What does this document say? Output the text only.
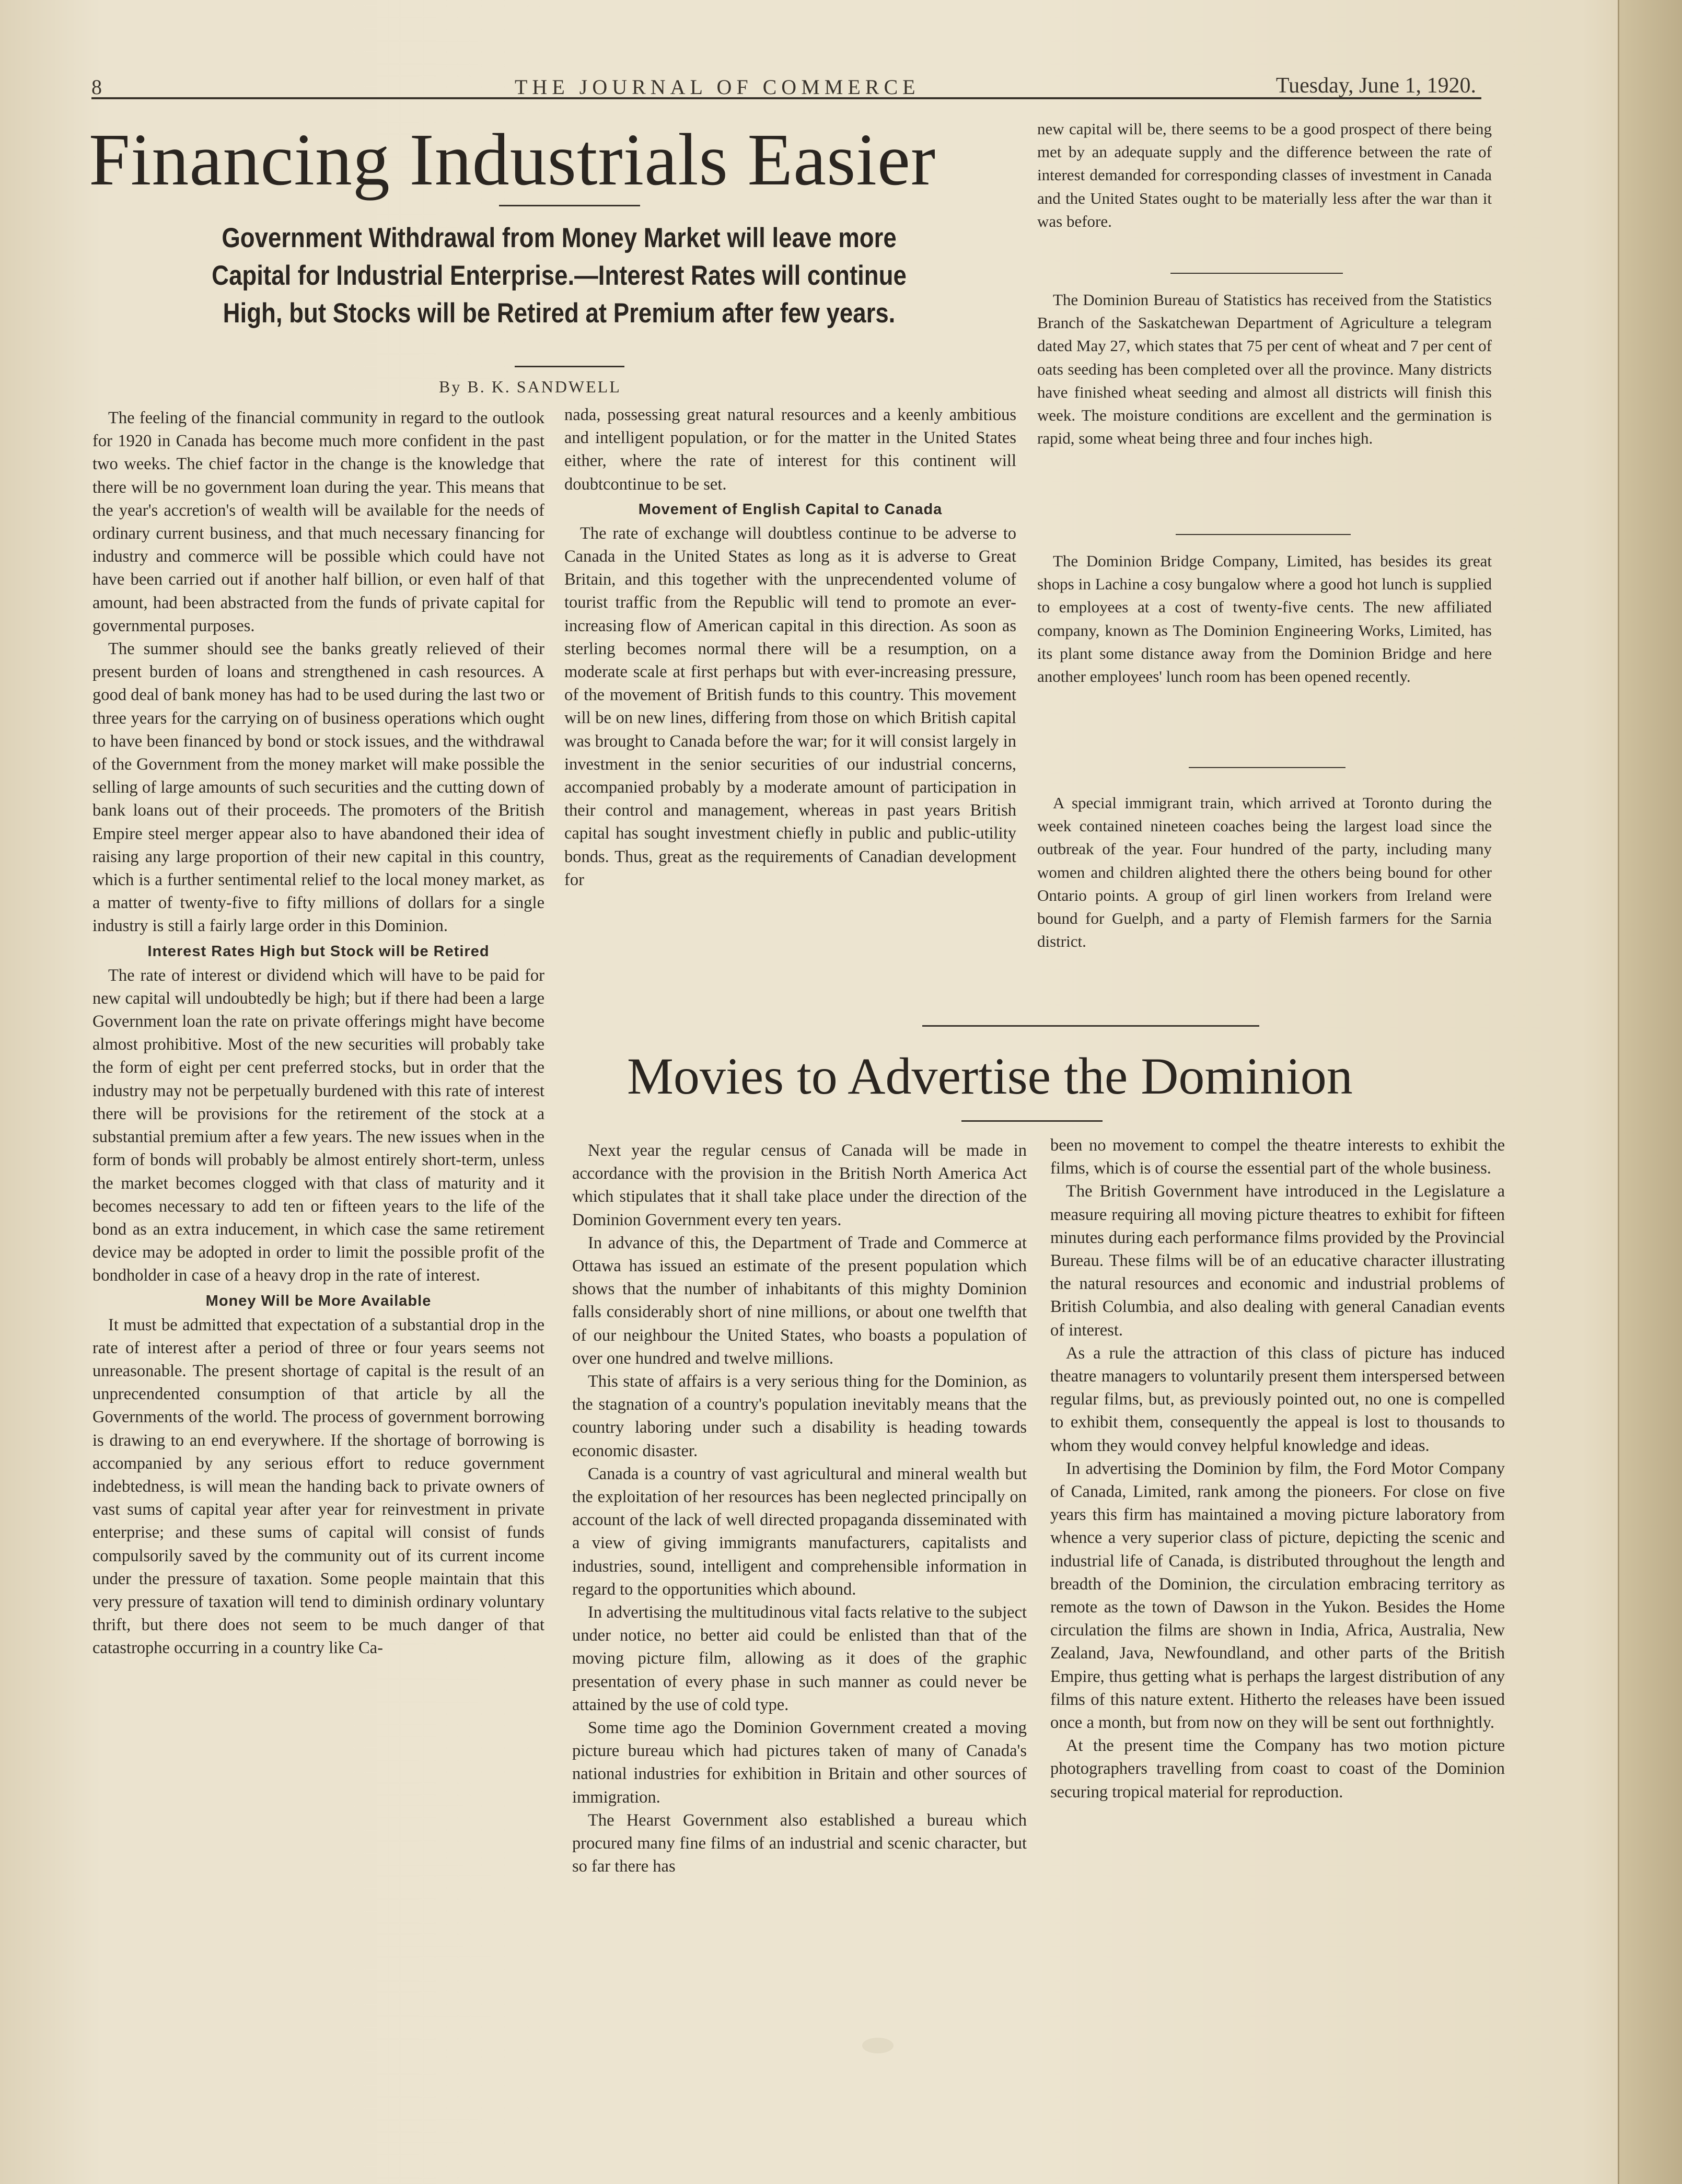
8	THE JOURNAL OF COMMERCE	Tuesday, June 1, 1920.
Financing Industrials Easier
Government Withdrawal from Money Market will leave more Capital for Industrial Enterprise.—Interest Rates will continue High, but Stocks will be Retired at Premium after few years.
By B. K. SANDWELL

The feeling of the financial community in regard to the outlook for 1920 in Canada has become much more confident in the past two weeks. The chief factor in the change is the knowledge that there will be no government loan during the year. This means that the year's accretion's of wealth will be available for the needs of ordinary current business, and that much necessary financing for industry and commerce will be possible which could have not have been carried out if another half billion, or even half of that amount, had been abstracted from the funds of private capital for governmental purposes.

The summer should see the banks greatly relieved of their present burden of loans and strengthened in cash resources. A good deal of bank money has had to be used during the last two or three years for the carrying on of business operations which ought to have been financed by bond or stock issues, and the withdrawal of the Government from the money market will make possible the selling of large amounts of such securities and the cutting down of bank loans out of their proceeds. The promoters of the British Empire steel merger appear also to have abandoned their idea of raising any large proportion of their new capital in this country, which is a further sentimental relief to the local money market, as a matter of twenty-five to fifty millions of dollars for a single industry is still a fairly large order in this Dominion.

Interest Rates High but Stock will be Retired

The rate of interest or dividend which will have to be paid for new capital will undoubtedly be high; but if there had been a large Government loan the rate on private offerings might have become almost prohibitive. Most of the new securities will probably take the form of eight per cent preferred stocks, but in order that the industry may not be perpetually burdened with this rate of interest there will be provisions for the retirement of the stock at a substantial premium after a few years. The new issues when in the form of bonds will probably be almost entirely short-term, unless the market becomes clogged with that class of maturity and it becomes necessary to add ten or fifteen years to the life of the bond as an extra inducement, in which case the same retirement device may be adopted in order to limit the possible profit of the bondholder in case of a heavy drop in the rate of interest.

Money Will be More Available

It must be admitted that expectation of a substantial drop in the rate of interest after a period of three or four years seems not unreasonable. The present shortage of capital is the result of an unprecendented consumption of that article by all the Governments of the world. The process of government borrowing is drawing to an end everywhere. If the shortage of borrowing is accompanied by any serious effort to reduce government indebtedness, is will mean the handing back to private owners of vast sums of capital year after year for reinvestment in private enterprise; and these sums of capital will consist of funds compulsorily saved by the community out of its current income under the pressure of taxation. Some people maintain that this very pressure of taxation will tend to diminish ordinary voluntary thrift, but there does not seem to be much danger of that catastrophe occurring in a country like Ca-

nada, possessing great natural resources and a keenly ambitious and intelligent population, or for the matter in the United States either, where the rate of interest for this continent will doubtcontinue to be set.

Movement of English Capital to Canada

The rate of exchange will doubtless continue to be adverse to Canada in the United States as long as it is adverse to Great Britain, and this together with the unprecendented volume of tourist traffic from the Republic will tend to promote an ever-increasing flow of American capital in this direction. As soon as sterling becomes normal there will be a resumption, on a moderate scale at first perhaps but with ever-increasing pressure, of the movement of British funds to this country. This movement will be on new lines, differing from those on which British capital was brought to Canada before the war; for it will consist largely in investment in the senior securities of our industrial concerns, accompanied probably by a moderate amount of participation in their control and management, whereas in past years British capital has sought investment chiefly in public and public-utility bonds. Thus, great as the requirements of Canadian development for

new capital will be, there seems to be a good prospect of there being met by an adequate supply and the difference between the rate of interest demanded for corresponding classes of investment in Canada and the United States ought to be materially less after the war than it was before.

The Dominion Bureau of Statistics has received from the Statistics Branch of the Saskatchewan Department of Agriculture a telegram dated May 27, which states that 75 per cent of wheat and 7 per cent of oats seeding has been completed over all the province. Many districts have finished wheat seeding and almost all districts will finish this week. The moisture conditions are excellent and the germination is rapid, some wheat being three and four inches high.

The Dominion Bridge Company, Limited, has besides its great shops in Lachine a cosy bungalow where a good hot lunch is supplied to employees at a cost of twenty-five cents. The new affiliated company, known as The Dominion Engineering Works, Limited, has its plant some distance away from the Dominion Bridge and here another employees' lunch room has been opened recently.

A special immigrant train, which arrived at Toronto during the week contained nineteen coaches being the largest load since the outbreak of the year. Four hundred of the party, including many women and children alighted there the others being bound for other Ontario points. A group of girl linen workers from Ireland were bound for Guelph, and a party of Flemish farmers for the Sarnia district.

Movies to Advertise the Dominion

Next year the regular census of Canada will be made in accordance with the provision in the British North America Act which stipulates that it shall take place under the direction of the Dominion Government every ten years.

In advance of this, the Department of Trade and Commerce at Ottawa has issued an estimate of the present population which shows that the number of inhabitants of this mighty Dominion falls considerably short of nine millions, or about one twelfth that of our neighbour the United States, who boasts a population of over one hundred and twelve millions.

This state of affairs is a very serious thing for the Dominion, as the stagnation of a country's population inevitably means that the country laboring under such a disability is heading towards economic disaster.

Canada is a country of vast agricultural and mineral wealth but the exploitation of her resources has been neglected principally on account of the lack of well directed propaganda disseminated with a view of giving immigrants manufacturers, capitalists and industries, sound, intelligent and comprehensible information in regard to the opportunities which abound.

In advertising the multitudinous vital facts relative to the subject under notice, no better aid could be enlisted than that of the moving picture film, allowing as it does of the graphic presentation of every phase in such manner as could never be attained by the use of cold type.

Some time ago the Dominion Government created a moving picture bureau which had pictures taken of many of Canada's national industries for exhibition in Britain and other sources of immigration.

The Hearst Government also established a bureau which procured many fine films of an industrial and scenic character, but so far there has

been no movement to compel the theatre interests to exhibit the films, which is of course the essential part of the whole business.

The British Government have introduced in the Legislature a measure requiring all moving picture theatres to exhibit for fifteen minutes during each performance films provided by the Provincial Bureau. These films will be of an educative character illustrating the natural resources and economic and industrial problems of British Columbia, and also dealing with general Canadian events of interest.

As a rule the attraction of this class of picture has induced theatre managers to voluntarily present them interspersed between regular films, but, as previously pointed out, no one is compelled to exhibit them, consequently the appeal is lost to thousands to whom they would convey helpful knowledge and ideas.

In advertising the Dominion by film, the Ford Motor Company of Canada, Limited, rank among the pioneers. For close on five years this firm has maintained a moving picture laboratory from whence a very superior class of picture, depicting the scenic and industrial life of Canada, is distributed throughout the length and breadth of the Dominion, the circulation embracing territory as remote as the town of Dawson in the Yukon. Besides the Home circulation the films are shown in India, Africa, Australia, New Zealand, Java, Newfoundland, and other parts of the British Empire, thus getting what is perhaps the largest distribution of any films of this nature extent. Hitherto the releases have been issued once a month, but from now on they will be sent out forthnightly.

At the present time the Company has two motion picture photographers travelling from coast to coast of the Dominion securing tropical material for reproduction.
